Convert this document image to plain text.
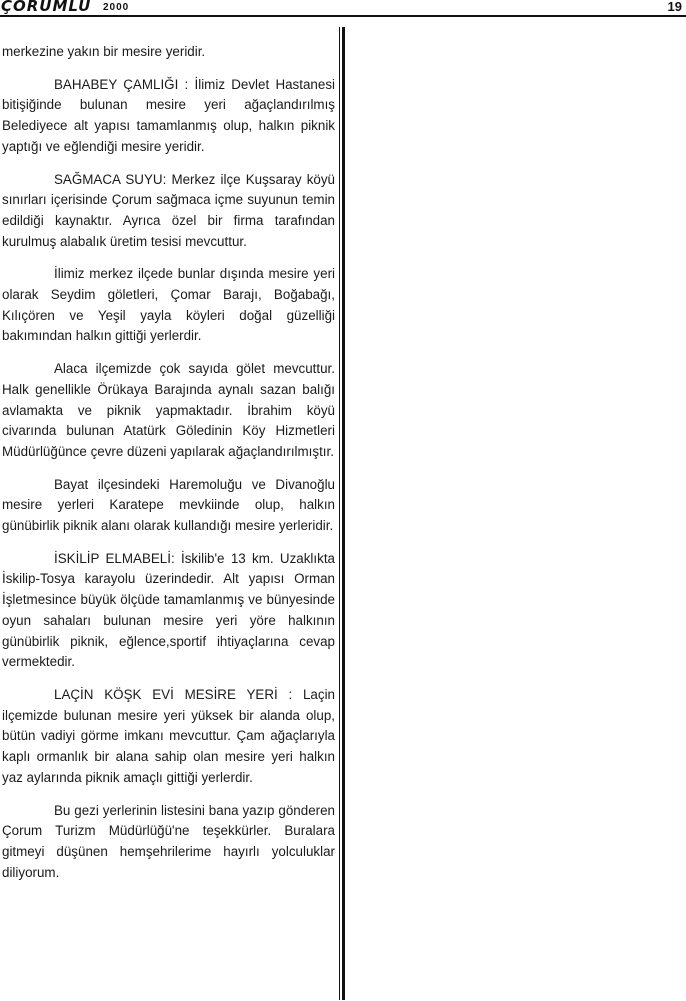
ÇORUMLU 2000	19

merkezine yakın bir mesire yeridir.

BAHABEY ÇAMLIĞI : İlimiz Devlet Hastanesi bitişiğinde bulunan mesire yeri ağaçlandırılmış Belediyece alt yapısı tamamlanmış olup, halkın piknik yaptığı ve eğlendiği mesire yeridir.

SAĞMACA SUYU: Merkez ilçe Kuşsaray köyü sınırları içerisinde Çorum sağmaca içme suyunun temin edildiği kaynaktır. Ayrıca özel bir firma tarafından kurulmuş alabalık üretim tesisi mevcuttur.

İlimiz merkez ilçede bunlar dışında mesire yeri olarak Seydim göletleri, Çomar Barajı, Boğabağı, Kılıçören ve Yeşil yayla köyleri doğal güzelliği bakımından halkın gittiği yerlerdir.

Alaca ilçemizde çok sayıda gölet mevcuttur. Halk genellikle Örükaya Barajında aynalı sazan balığı avlamakta ve piknik yapmaktadır. İbrahim köyü civarında bulunan Atatürk Göledinin Köy Hizmetleri Müdürlüğünce çevre düzeni yapılarak ağaçlandırılmıştır.

Bayat ilçesindeki Haremoluğu ve Divanoğlu mesire yerleri Karatepe mevkiinde olup, halkın günübirlik piknik alanı olarak kullandığı mesire yerleridir.

İSKİLİP ELMABELİ: İskilib'e 13 km. Uzaklıkta İskilip-Tosya karayolu üzerindedir. Alt yapısı Orman İşletmesince büyük ölçüde tamamlanmış ve bünyesinde oyun sahaları bulunan mesire yeri yöre halkının günübirlik piknik, eğlence,sportif ihtiyaçlarına cevap vermektedir.

LAÇİN KÖŞK EVİ MESİRE YERİ : Laçin ilçemizde bulunan mesire yeri yüksek bir alanda olup, bütün vadiyi görme imkanı mevcuttur. Çam ağaçlarıyla kaplı ormanlık bir alana sahip olan mesire yeri halkın yaz aylarında piknik amaçlı gittiği yerlerdir.

Bu gezi yerlerinin listesini bana yazıp gönderen Çorum Turizm Müdürlüğü'ne teşekkürler. Buralara gitmeyi düşünen hemşehrilerime hayırlı yolculuklar diliyorum.
